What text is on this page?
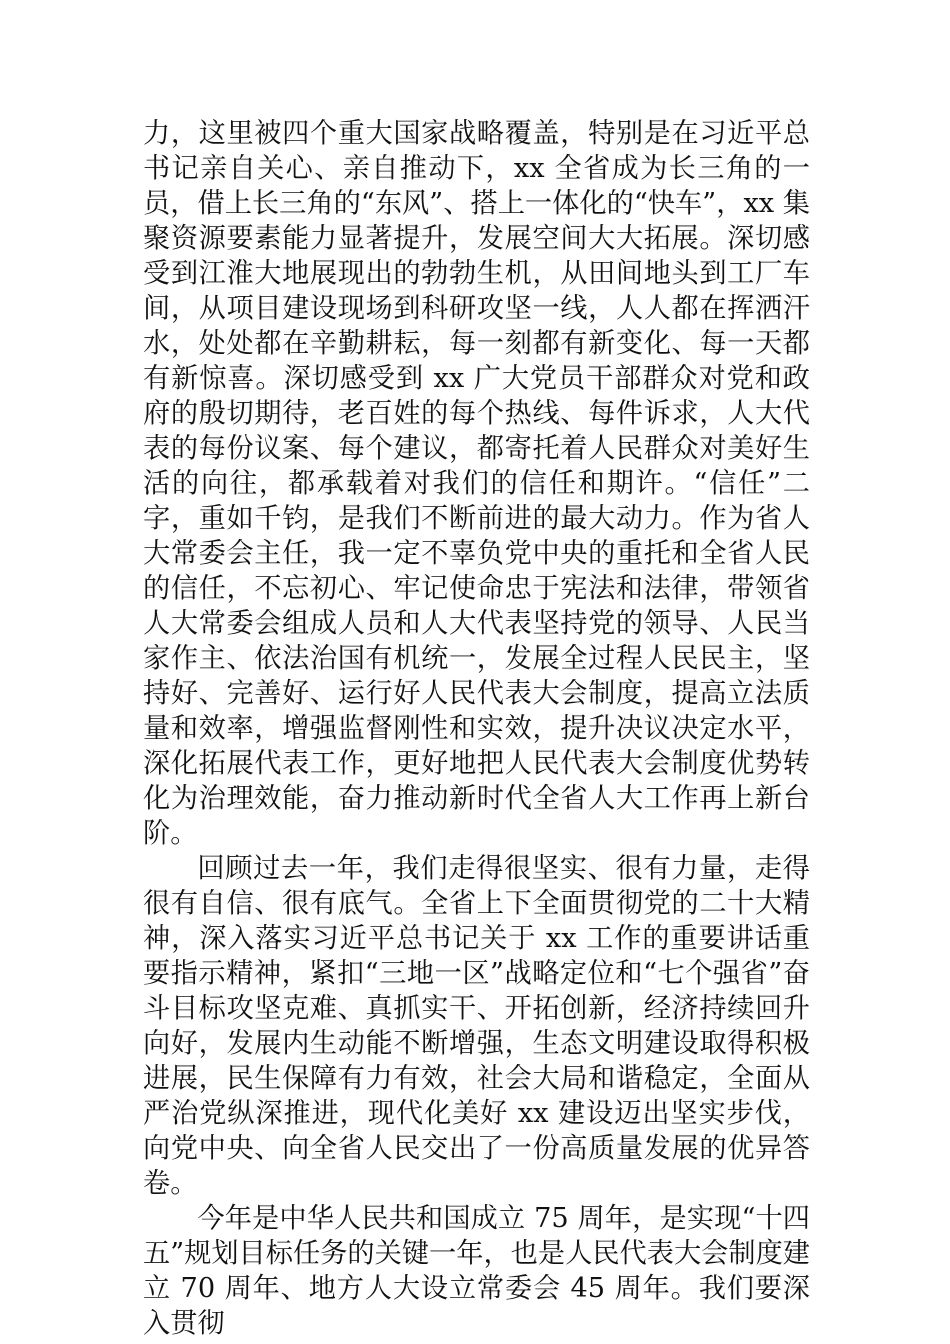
力，这里被四个重大国家战略覆盖，特别是在习近平总书记亲自关心、亲自推动下，xx 全省成为长三角的一员，借上长三角的“东风”、搭上一体化的“快车”，xx 集聚资源要素能力显著提升，发展空间大大拓展。深切感受到江淮大地展现出的勃勃生机，从田间地头到工厂车间，从项目建设现场到科研攻坚一线，人人都在挥洒汗水，处处都在辛勤耕耘，每一刻都有新变化、每一天都有新惊喜。深切感受到 xx 广大党员干部群众对党和政府的殷切期待，老百姓的每个热线、每件诉求，人大代表的每份议案、每个建议，都寄托着人民群众对美好生活的向往，都承载着对我们的信任和期许。“信任”二字，重如千钧，是我们不断前进的最大动力。作为省人大常委会主任，我一定不辜负党中央的重托和全省人民的信任，不忘初心、牢记使命忠于宪法和法律，带领省人大常委会组成人员和人大代表坚持党的领导、人民当家作主、依法治国有机统一，发展全过程人民民主，坚持好、完善好、运行好人民代表大会制度，提高立法质量和效率，增强监督刚性和实效，提升决议决定水平，深化拓展代表工作，更好地把人民代表大会制度优势转化为治理效能，奋力推动新时代全省人大工作再上新台阶。

回顾过去一年，我们走得很坚实、很有力量，走得很有自信、很有底气。全省上下全面贯彻党的二十大精神，深入落实习近平总书记关于 xx 工作的重要讲话重要指示精神，紧扣“三地一区”战略定位和“七个强省”奋斗目标攻坚克难、真抓实干、开拓创新，经济持续回升向好，发展内生动能不断增强，生态文明建设取得积极进展，民生保障有力有效，社会大局和谐稳定，全面从严治党纵深推进，现代化美好 xx 建设迈出坚实步伐，向党中央、向全省人民交出了一份高质量发展的优异答卷。

今年是中华人民共和国成立 75 周年，是实现“十四五”规划目标任务的关键一年，也是人民代表大会制度建立 70 周年、地方人大设立常委会 45 周年。我们要深入贯彻
